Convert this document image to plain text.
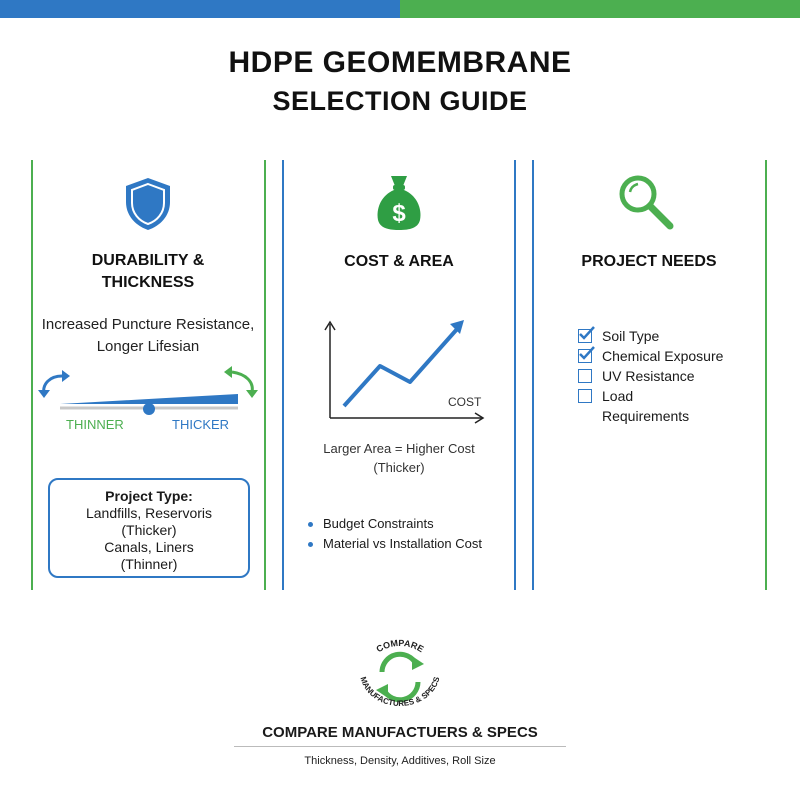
HDPE GEOMEMBRANE
SELECTION GUIDE
DURABILITY &
THICKNESS
Increased Puncture Resistance,
Longer Lifesian
THINNER	THICKER
Project Type:
Landfills, Reservoris
(Thicker)
Canals, Liners
(Thinner)
$
COST & AREA
COST
Larger Area = Higher Cost
(Thicker)
Budget Constraints
Material vs Installation Cost
PROJECT NEEDS
Soil Type
Chemical Exposure
UV Resistance
Load
Requirements
COMPARE
MANUFACTURES & SPECS
COMPARE MANUFACTUERS & SPECS
Thickness, Density, Additives, Roll Size
